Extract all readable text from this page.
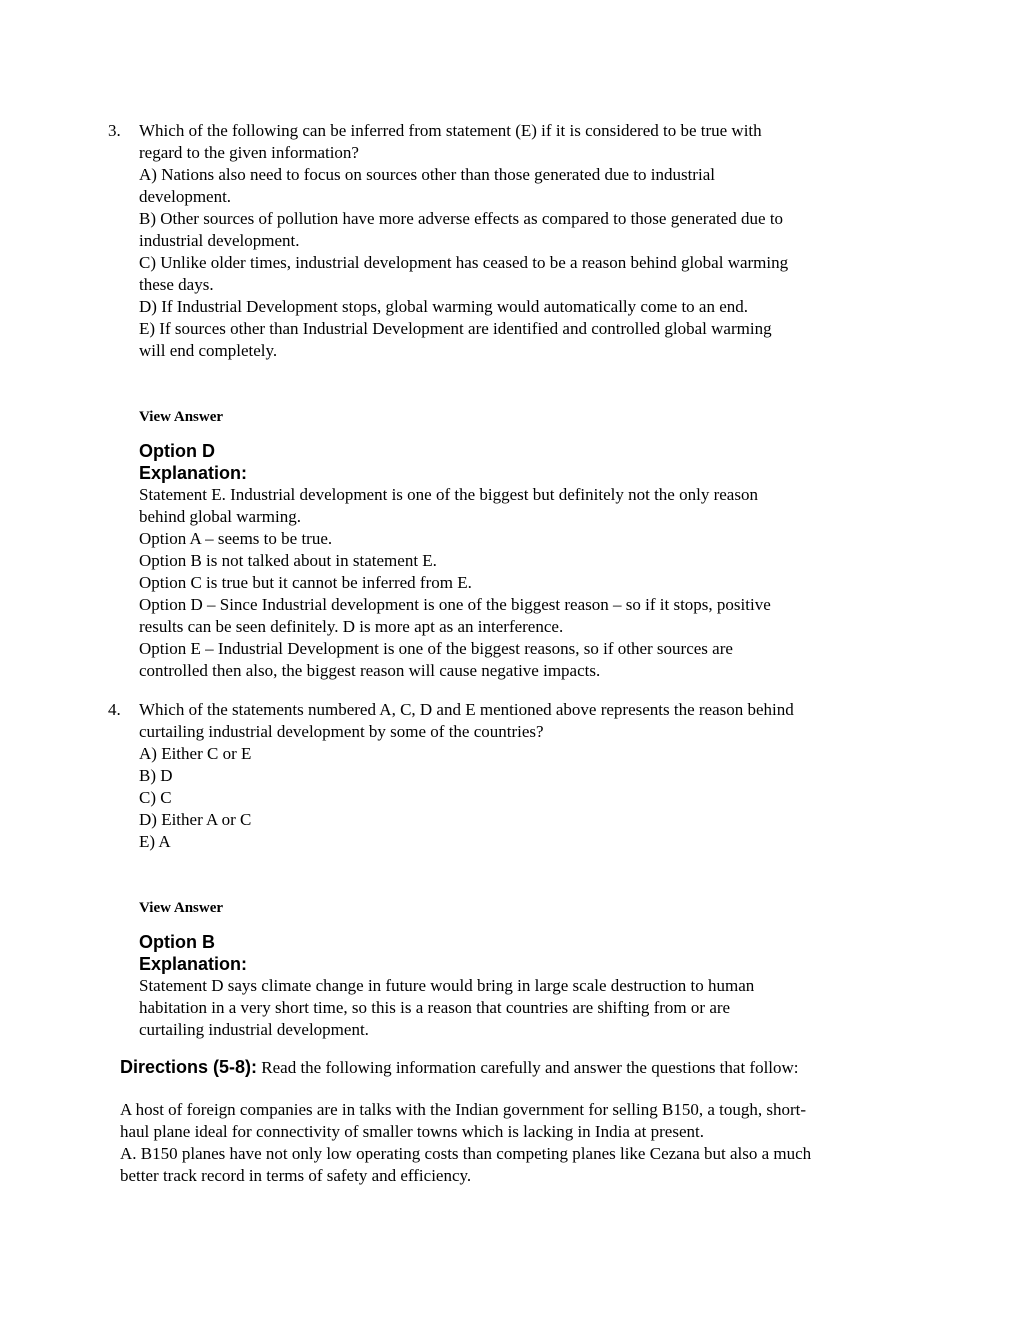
3. Which of the following can be inferred from statement (E) if it is considered to be true with
regard to the given information?
A) Nations also need to focus on sources other than those generated due to industrial
development.
B) Other sources of pollution have more adverse effects as compared to those generated due to
industrial development.
C) Unlike older times, industrial development has ceased to be a reason behind global warming
these days.
D) If Industrial Development stops, global warming would automatically come to an end.
E) If sources other than Industrial Development are identified and controlled global warming
will end completely.
View Answer
Option D
Explanation:
Statement E. Industrial development is one of the biggest but definitely not the only reason
behind global warming.
Option A – seems to be true.
Option B is not talked about in statement E.
Option C is true but it cannot be inferred from E.
Option D – Since Industrial development is one of the biggest reason – so if it stops, positive
results can be seen definitely. D is more apt as an interference.
Option E – Industrial Development is one of the biggest reasons, so if other sources are
controlled then also, the biggest reason will cause negative impacts.
4. Which of the statements numbered A, C, D and E mentioned above represents the reason behind
curtailing industrial development by some of the countries?
A) Either C or E
B) D
C) C
D) Either A or C
E) A
View Answer
Option B
Explanation:
Statement D says climate change in future would bring in large scale destruction to human
habitation in a very short time, so this is a reason that countries are shifting from or are
curtailing industrial development.
Directions (5-8): Read the following information carefully and answer the questions that follow:
A host of foreign companies are in talks with the Indian government for selling B150, a tough, short-
haul plane ideal for connectivity of smaller towns which is lacking in India at present.
A. B150 planes have not only low operating costs than competing planes like Cezana but also a much
better track record in terms of safety and efficiency.
